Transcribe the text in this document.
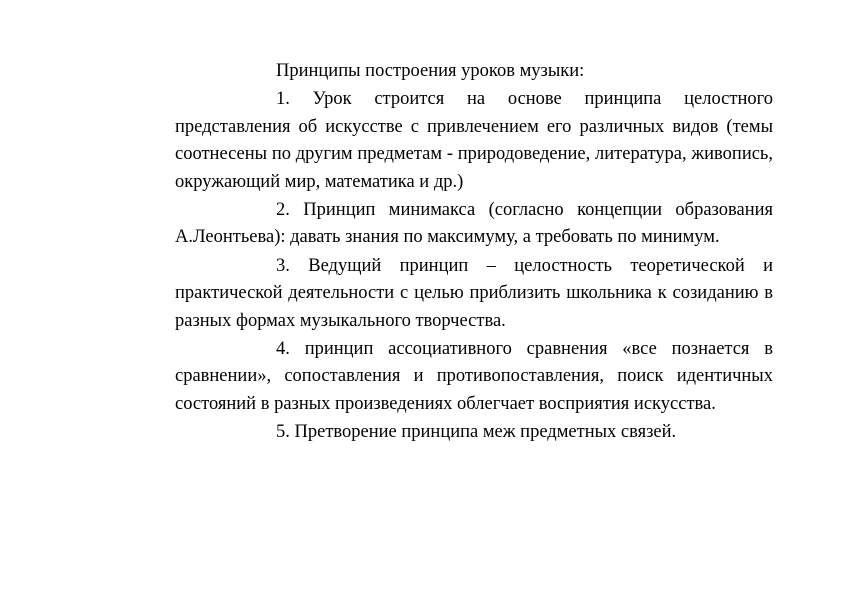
Принципы построения уроков музыки:

1. Урок строится на основе принципа целостного представления об искусстве с привлечением его различных видов (темы соотнесены по другим предметам - природоведение, литература, живопись, окружающий мир, математика и др.)

2. Принцип минимакса (согласно концепции образования А.Леонтьева): давать знания по максимуму, а требовать по минимум.

3. Ведущий принцип – целостность теоретической и практической деятельности с целью приблизить школьника к созиданию в разных формах музыкального творчества.

4. принцип ассоциативного сравнения «все познается в сравнении», сопоставления и противопоставления, поиск идентичных состояний в разных произведениях облегчает восприятия искусства.

5. Претворение принципа меж предметных связей.
